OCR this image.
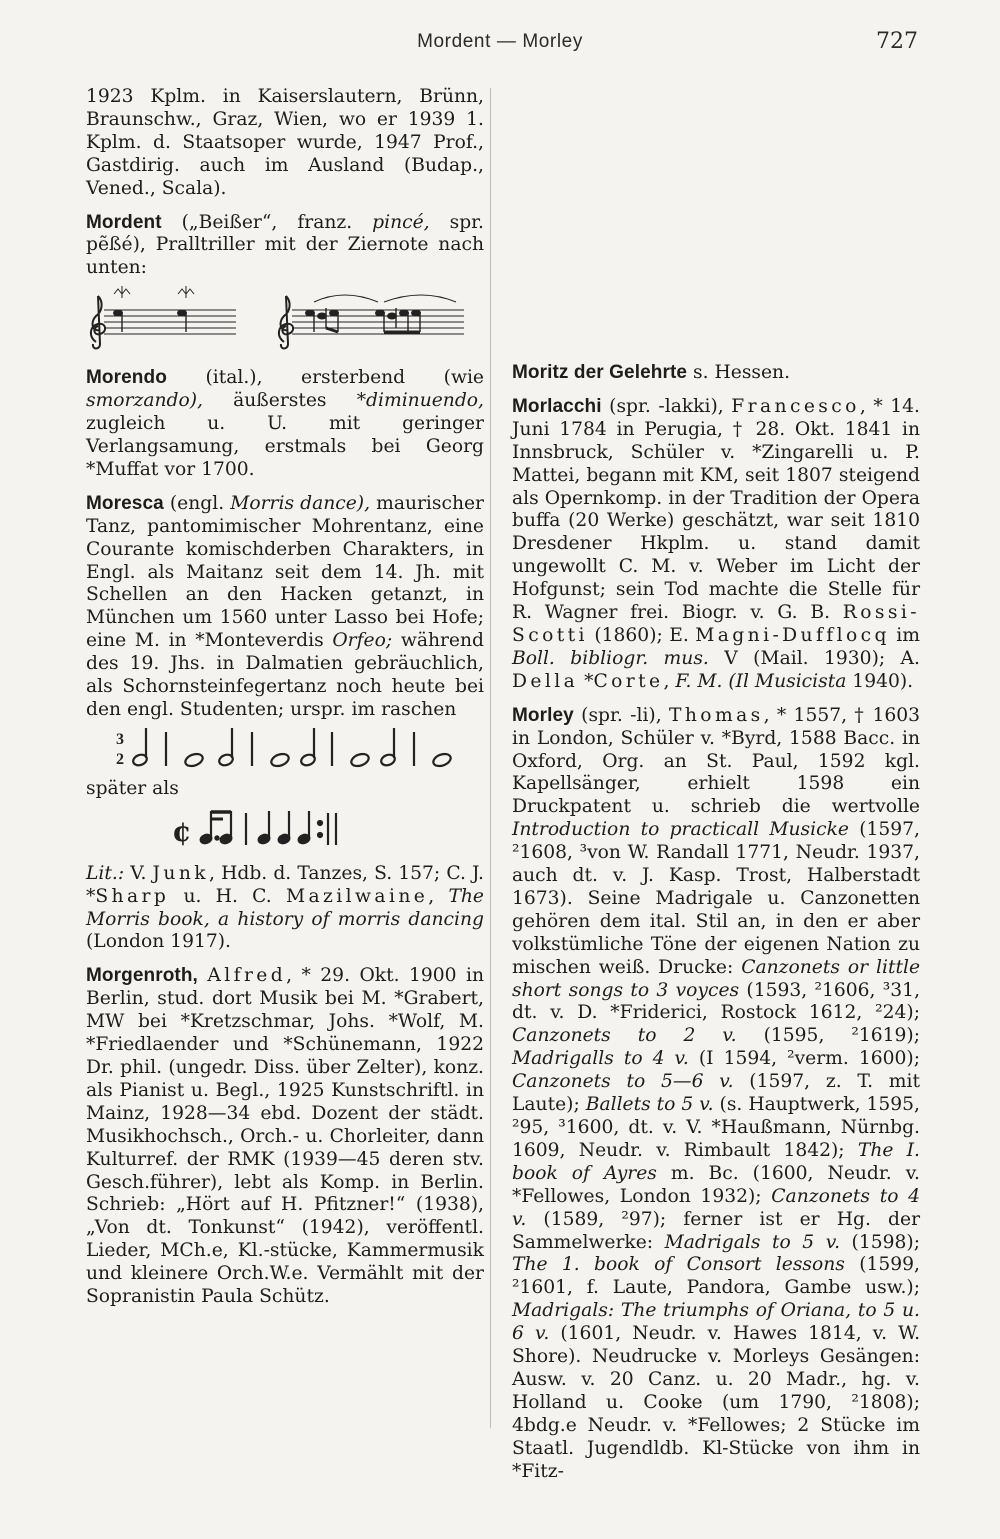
Mordent — Morley	727

1923 Kplm. in Kaiserslautern, Brünn, Braunschw., Graz, Wien, wo er 1939 1. Kplm. d. Staatsoper wurde, 1947 Prof., Gastdirig. auch im Ausland (Budap., Vened., Scala).

Mordent („Beißer“, franz. pincé, spr. pẽßé), Pralltriller mit der Ziernote nach unten:

Morendo (ital.), ersterbend (wie smorzando), äußerstes *diminuendo, zugleich u. U. mit geringer Verlangsamung, erstmals bei Georg *Muffat vor 1700.

Moresca (engl. Morris dance), maurischer Tanz, pantomimischer Mohrentanz, eine Courante komischderben Charakters, in Engl. als Maitanz seit dem 14. Jh. mit Schellen an den Hacken getanzt, in München um 1560 unter Lasso bei Hofe; eine M. in *Monteverdis Orfeo; während des 19. Jhs. in Dalmatien gebräuchlich, als Schornsteinfegertanz noch heute bei den engl. Studenten; urspr. im raschen

3
2

später als

¢

Lit.: V. Junk, Hdb. d. Tanzes, S. 157; C. J. *Sharp u. H. C. Mazilwaine, The Morris book, a history of morris dancing (London 1917).

Morgenroth, Alfred, * 29. Okt. 1900 in Berlin, stud. dort Musik bei M. *Grabert, MW bei *Kretzschmar, Johs. *Wolf, M. *Friedlaender und *Schünemann, 1922 Dr. phil. (ungedr. Diss. über Zelter), konz. als Pianist u. Begl., 1925 Kunstschriftl. in Mainz, 1928—34 ebd. Dozent der städt. Musikhochsch., Orch.- u. Chorleiter, dann Kulturref. der RMK (1939—45 deren stv. Gesch.führer), lebt als Komp. in Berlin. Schrieb: „Hört auf H. Pfitzner!“ (1938), „Von dt. Tonkunst“ (1942), veröffentl. Lieder, MCh.e, Kl.-stücke, Kammermusik und kleinere Orch.W.e. Vermählt mit der Sopranistin Paula Schütz.

Moritz der Gelehrte s. Hessen.

Morlacchi (spr. -lakki), Francesco, * 14. Juni 1784 in Perugia, † 28. Okt. 1841 in Innsbruck, Schüler v. *Zingarelli u. P. Mattei, begann mit KM, seit 1807 steigend als Opernkomp. in der Tradition der Opera buffa (20 Werke) geschätzt, war seit 1810 Dresdener Hkplm. u. stand damit ungewollt C. M. v. Weber im Licht der Hofgunst; sein Tod machte die Stelle für R. Wagner frei. Biogr. v. G. B. Rossi-Scotti (1860); E. Magni-Dufflocq im Boll. bibliogr. mus. V (Mail. 1930); A. Della *Corte, F. M. (Il Musicista 1940).

Morley (spr. -li), Thomas, * 1557, † 1603 in London, Schüler v. *Byrd, 1588 Bacc. in Oxford, Org. an St. Paul, 1592 kgl. Kapellsänger, erhielt 1598 ein Druckpatent u. schrieb die wertvolle Introduction to practicall Musicke (1597, ²1608, ³von W. Randall 1771, Neudr. 1937, auch dt. v. J. Kasp. Trost, Halberstadt 1673). Seine Madrigale u. Canzonetten gehören dem ital. Stil an, in den er aber volkstümliche Töne der eigenen Nation zu mischen weiß. Drucke: Canzonets or little short songs to 3 voyces (1593, ²1606, ³31, dt. v. D. *Friderici, Rostock 1612, ²24); Canzonets to 2 v. (1595, ²1619); Madrigalls to 4 v. (I 1594, ²verm. 1600); Canzonets to 5—6 v. (1597, z. T. mit Laute); Ballets to 5 v. (s. Hauptwerk, 1595, ²95, ³1600, dt. v. V. *Haußmann, Nürnbg. 1609, Neudr. v. Rimbault 1842); The I. book of Ayres m. Bc. (1600, Neudr. v. *Fellowes, London 1932); Canzonets to 4 v. (1589, ²97); ferner ist er Hg. der Sammelwerke: Madrigals to 5 v. (1598); The 1. book of Consort lessons (1599, ²1601, f. Laute, Pandora, Gambe usw.); Madrigals: The triumphs of Oriana, to 5 u. 6 v. (1601, Neudr. v. Hawes 1814, v. W. Shore). Neudrucke v. Morleys Gesängen: Ausw. v. 20 Canz. u. 20 Madr., hg. v. Holland u. Cooke (um 1790, ²1808); 4bdg.e Neudr. v. *Fellowes; 2 Stücke im Staatl. Jugendldb. Kl-Stücke von ihm in *Fitz-
